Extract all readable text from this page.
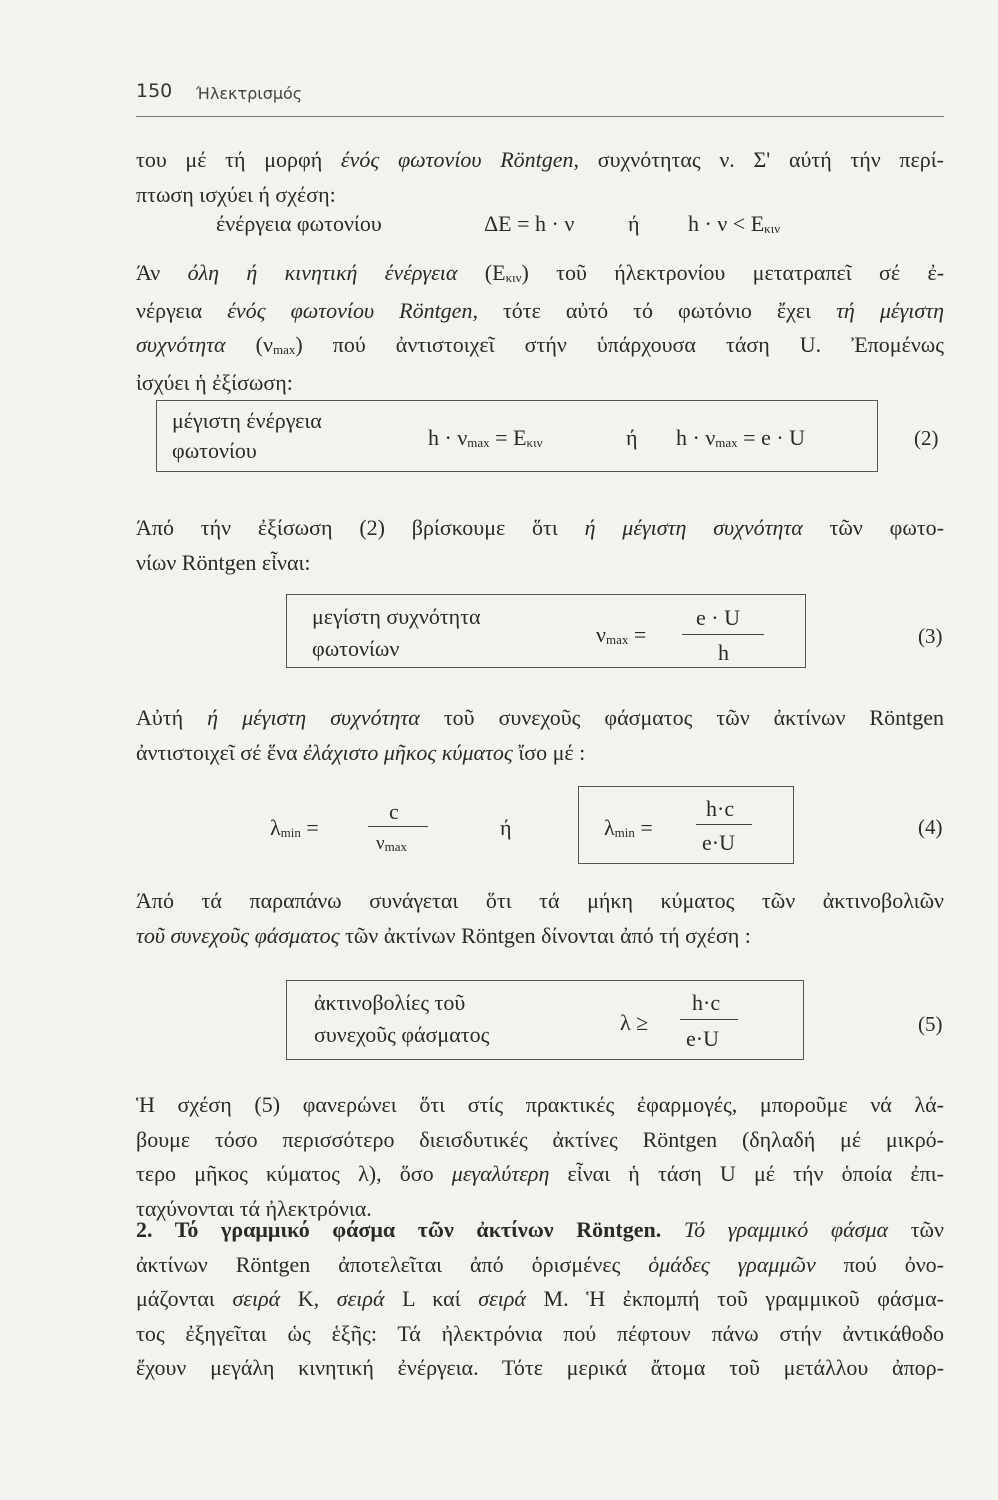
150 Ήλεκτρισμός
του μέ τή μορφή ένός φωτονίου Röntgen, συχνότητας ν. Σ' αύτή τήν περί-
πτωση ισχύει ή σχέση:
ένέργεια φωτονίου	ΔΕ = h · ν ή h · ν < Εκιν
Άν όλη ή κινητική ένέργεια (Εκιν) τοῦ ήλεκτρονίου μετατραπεῖ σέ ἐ-
νέργεια ένός φωτονίου Röntgen, τότε αὐτό τό φωτόνιο ἔχει τή μέγιστη
συχνότητα (νmax) πού ἀντιστοιχεῖ στήν ὑπάρχουσα τάση U. Ἐπομένως
ἰσχύει ἡ ἐξίσωση:
μέγιστη ένέργεια
φωτονίου
h · νmax = Εκιν	ή h · νmax = e · U	(2)
Άπό τήν ἐξίσωση (2) βρίσκουμε ὅτι ή μέγιστη συχνότητα τῶν φωτο-
νίων Röntgen εἶναι:
μεγίστη συχνότητα
φωτονίων
νmax =
e · U
h
(3)
Αὐτή ή μέγιστη συχνότητα τοῦ συνεχοῦς φάσματος τῶν ἀκτίνων Röntgen
ἀντιστοιχεῖ σέ ἕνα ἐλάχιστο μῆκος κύματος ἴσο μέ :
λmin =
c
νmax
ή	λmin =
h·c
e·U
(4)
Άπό τά παραπάνω συνάγεται ὅτι τά μήκη κύματος τῶν ἀκτινοβολιῶν
τοῦ συνεχοῦς φάσματος τῶν ἀκτίνων Röntgen δίνονται ἀπό τή σχέση :
ἀκτινοβολίες τοῦ
συνεχοῦς φάσματος	λ ≥
h·c
e·U
(5)
Ἡ σχέση (5) φανερώνει ὅτι στίς πρακτικές ἐφαρμογές, μποροῦμε νά λά-
βουμε τόσο περισσότερο διεισδυτικές ἀκτίνες Röntgen (δηλαδή μέ μικρό-
τερο μῆκος κύματος λ), ὅσο μεγαλύτερη εἶναι ἡ τάση U μέ τήν ὁποία ἐπι-
ταχύνονται τά ἠλεκτρόνια.
2. Τό γραμμικό φάσμα τῶν ἀκτίνων Röntgen. Τό γραμμικό φάσμα τῶν
ἀκτίνων Röntgen ἀποτελεῖται ἀπό ὁρισμένες ὁμάδες γραμμῶν πού ὀνο-
μάζονται σειρά K, σειρά L καί σειρά M. Ἡ ἐκπομπή τοῦ γραμμικοῦ φάσμα-
τος ἐξηγεῖται ὡς ἑξῆς: Τά ἠλεκτρόνια πού πέφτουν πάνω στήν ἀντικάθοδο
ἔχουν μεγάλη κινητική ἐνέργεια. Τότε μερικά ἄτομα τοῦ μετάλλου ἀπορ-
